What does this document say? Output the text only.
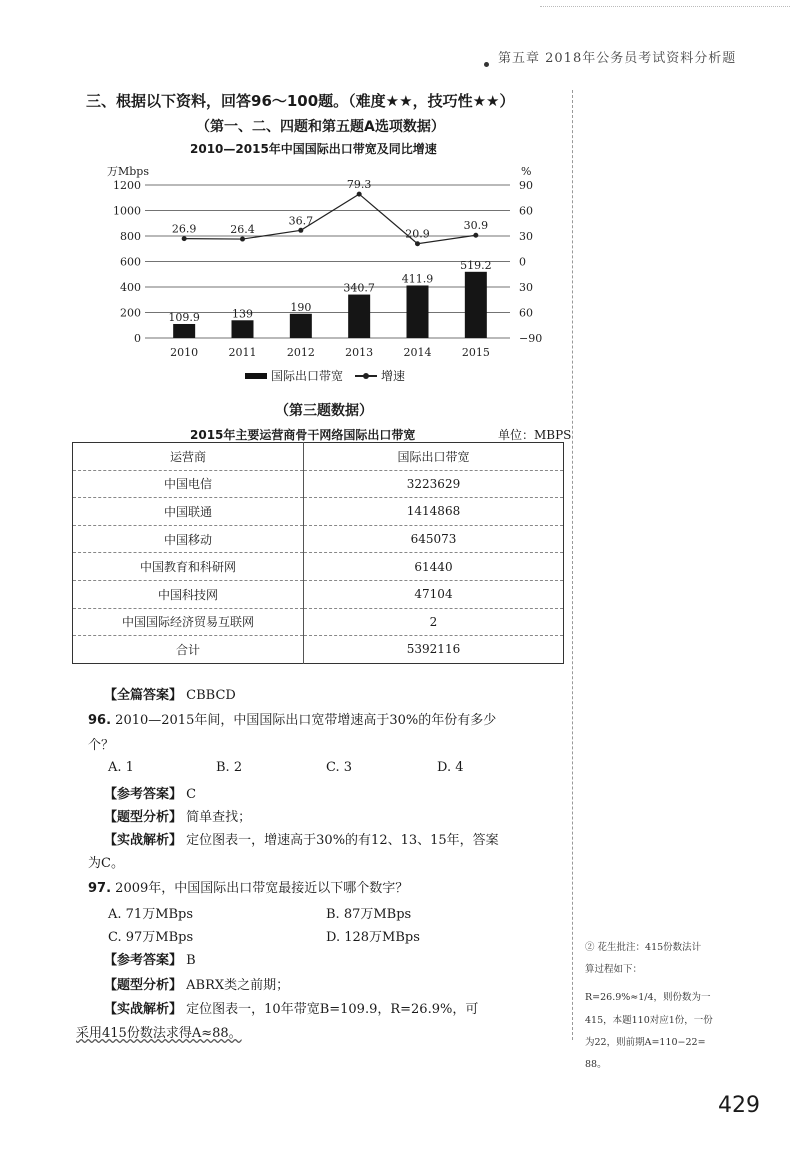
第五章 2018年公务员考试资料分析题
三、根据以下资料，回答96～100题。（难度★★，技巧性★★）
（第一、二、四题和第五题A选项数据）
2010—2015年中国国际出口带宽及同比增速
0
200
400
600
800
1000
1200
−90
60
30
0
30
60
90
万Mbps	%
109.9	139
190
340.7
411.9
519.2
2010	2011	2012	2013	2014	2015
26.9	26.4
36.7
79.3
20.9
30.9
国际出口带宽	增速
（第三题数据）
2015年主要运营商骨干网络国际出口带宽	单位：MBPS
运营商	国际出口带宽
中国电信	3223629
中国联通	1414868
中国移动	645073
中国教育和科研网	61440
中国科技网	47104
中国国际经济贸易互联网	2
合计	5392116
【全篇答案】 CBBCD
96. 2010—2015年间，中国国际出口宽带增速高于30%的年份有多少
个？
A. 1	B. 2	C. 3	D. 4
【参考答案】 C
【题型分析】 简单查找；
【实战解析】 定位图表一，增速高于30%的有12、13、15年，答案
为C。
97. 2009年，中国国际出口带宽最接近以下哪个数字？
A. 71万MBps	B. 87万MBps
C. 97万MBps	D. 128万MBps
【参考答案】 B
【题型分析】 ABRX类之前期；
【实战解析】 定位图表一，10年带宽B=109.9，R=26.9%，可
采用415份数法求得A≈88。
② 花生批注：415份数法计
算过程如下：
R=26.9%≈1/4，则份数为一
415，本题110对应1份，一份
为22，则前期A=110−22=
88。
429
